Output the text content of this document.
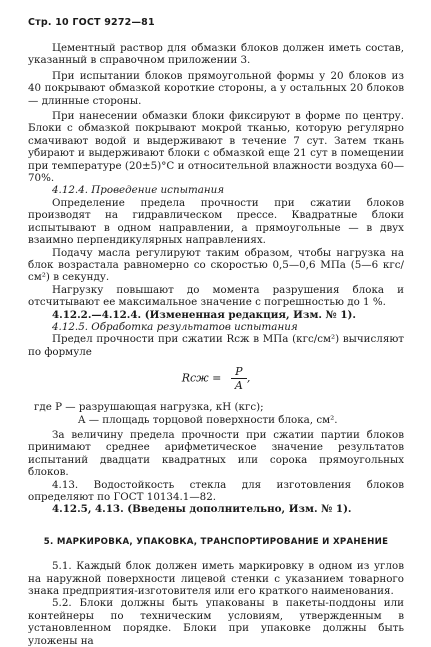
Стр. 10 ГОСТ 9272—81

Цементный раствор для обмазки блоков должен иметь состав, указанный в справочном приложении 3.

При испытании блоков прямоугольной формы у 20 блоков из 40 покрывают обмазкой короткие стороны, а у остальных 20 блоков — длинные стороны.

При нанесении обмазки блоки фиксируют в форме по центру. Блоки с обмазкой покрывают мокрой тканью, которую регулярно смачивают водой и выдерживают в течение 7 сут. Затем ткань убирают и выдерживают блоки с обмазкой еще 21 сут в помещении при температуре (20±5)°С и относительной влажности воздуха 60—70%.

4.12.4. Проведение испытания

Определение предела прочности при сжатии блоков производят на гидравлическом прессе. Квадратные блоки испытывают в одном направлении, а прямоугольные — в двух взаимно перпендикулярных направлениях.

Подачу масла регулируют таким образом, чтобы нагрузка на блок возрастала равномерно со скоростью 0,5—0,6 МПа (5—6 кгс/см²) в секунду.

Нагрузку повышают до момента разрушения блока и отсчитывают ее максимальное значение с погрешностью до 1 %.

4.12.2.—4.12.4. (Измененная редакция, Изм. № 1).

4.12.5. Обработка результатов испытания

Предел прочности при сжатии Rсж в МПа (кгс/см²) вычисляют по формуле

Rсж = $\frac{P}{A}$ ,

где P — разрушающая нагрузка, кН (кгс);

A — площадь торцовой поверхности блока, см².

За величину предела прочности при сжатии партии блоков принимают среднее арифметическое значение результатов испытаний двадцати квадратных или сорока прямоугольных блоков.

4.13. Водостойкость стекла для изготовления блоков определяют по ГОСТ 10134.1—82.

4.12.5, 4.13. (Введены дополнительно, Изм. № 1).

5. МАРКИРОВКА, УПАКОВКА, ТРАНСПОРТИРОВАНИЕ И ХРАНЕНИЕ

5.1. Каждый блок должен иметь маркировку в одном из углов на наружной поверхности лицевой стенки с указанием товарного знака предприятия-изготовителя или его краткого наименования.

5.2. Блоки должны быть упакованы в пакеты-поддоны или контейнеры по техническим условиям, утвержденным в установленном порядке. Блоки при упаковке должны быть уложены на
